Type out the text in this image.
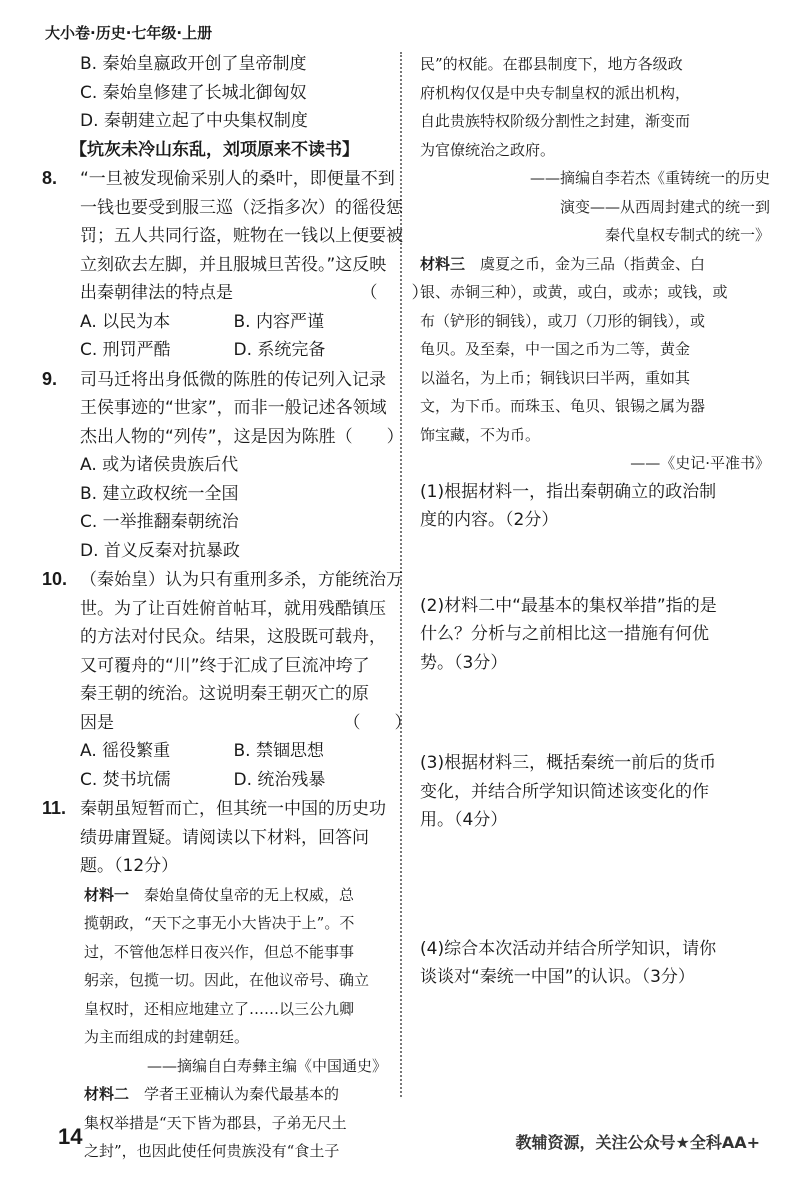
大小卷·历史·七年级·上册
B. 秦始皇嬴政开创了皇帝制度
C. 秦始皇修建了长城北御匈奴
D. 秦朝建立起了中央集权制度
【坑灰未冷山东乱，刘项原来不读书】
8. “一旦被发现偷采别人的桑叶，即便量不到
一钱也要受到服三巡（泛指多次）的徭役惩
罚；五人共同行盗，赃物在一钱以上便要被
立刻砍去左脚，并且服城旦苦役。”这反映
出秦朝律法的特点是　　　　　　　　（　　）
A. 以民为本	B. 内容严谨
C. 刑罚严酷	D. 系统完备
9. 司马迁将出身低微的陈胜的传记列入记录
王侯事迹的“世家”，而非一般记述各领域
杰出人物的“列传”，这是因为陈胜（　　）
A. 或为诸侯贵族后代
B. 建立政权统一全国
C. 一举推翻秦朝统治
D. 首义反秦对抗暴政
10. （秦始皇）认为只有重刑多杀，方能统治万
世。为了让百姓俯首帖耳，就用残酷镇压
的方法对付民众。结果，这股既可载舟，
又可覆舟的“川”终于汇成了巨流冲垮了
秦王朝的统治。这说明秦王朝灭亡的原
因是　　　　　　　　　　　　　　（　　）
A. 徭役繁重	B. 禁锢思想
C. 焚书坑儒	D. 统治残暴
11. 秦朝虽短暂而亡，但其统一中国的历史功
绩毋庸置疑。请阅读以下材料，回答问
题。（12分）
材料一　 秦始皇倚仗皇帝的无上权威，总
揽朝政，“天下之事无小大皆决于上”。不
过，不管他怎样日夜兴作，但总不能事事
躬亲，包揽一切。因此，在他议帝号、确立
皇权时，还相应地建立了……以三公九卿
为主而组成的封建朝廷。
——摘编自白寿彝主编《中国通史》
材料二　 学者王亚楠认为秦代最基本的
集权举措是“天下皆为郡县，子弟无尺土
之封”，也因此使任何贵族没有“食土子
民”的权能。在郡县制度下，地方各级政
府机构仅仅是中央专制皇权的派出机构，
自此贵族特权阶级分割性之封建，渐变而
为官僚统治之政府。
——摘编自李若杰《重铸统一的历史
演变——从西周封建式的统一到
秦代皇权专制式的统一》
材料三　 虞夏之币，金为三品（指黄金、白
银、赤铜三种），或黄，或白，或赤；或钱，或
布（铲形的铜钱），或刀（刀形的铜钱），或
龟贝。及至秦，中一国之币为二等，黄金
以溢名，为上币；铜钱识曰半两，重如其
文，为下币。而珠玉、龟贝、银锡之属为器
饰宝藏，不为币。
——《史记·平准书》
(1)根据材料一，指出秦朝确立的政治制
度的内容。（2分）
(2)材料二中“最基本的集权举措”指的是
什么？分析与之前相比这一措施有何优
势。（3分）
(3)根据材料三，概括秦统一前后的货币
变化，并结合所学知识简述该变化的作
用。（4分）
(4)综合本次活动并结合所学知识，请你
谈谈对“秦统一中国”的认识。（3分）
14	教辅资源，关注公众号★全科AA+
